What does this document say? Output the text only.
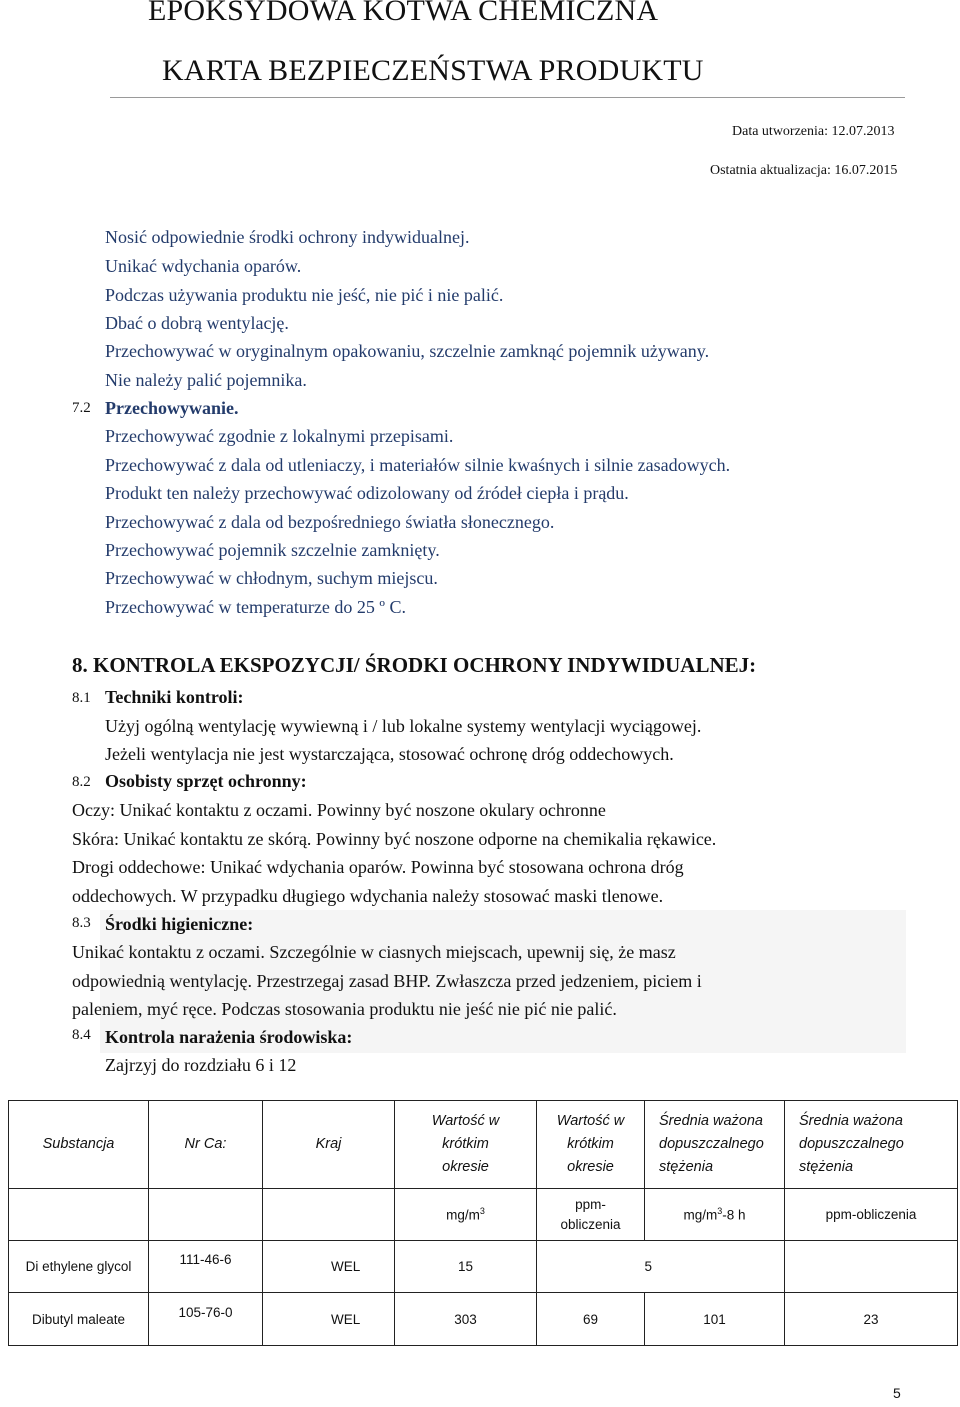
EPOKSYDOWA KOTWA CHEMICZNA
KARTA BEZPIECZEŃSTWA PRODUKTU
Data utworzenia: 12.07.2013
Ostatnia aktualizacja: 16.07.2015
Nosić odpowiednie środki ochrony indywidualnej.
Unikać wdychania oparów.
Podczas używania produktu nie jeść, nie pić i nie palić.
Dbać o dobrą wentylację.
Przechowywać w oryginalnym opakowaniu, szczelnie zamknąć pojemnik używany.
Nie należy palić pojemnika.
7.2 Przechowywanie.
Przechowywać zgodnie z lokalnymi przepisami.
Przechowywać z dala od utleniaczy, i materiałów silnie kwaśnych i silnie zasadowych.
Produkt ten należy przechowywać odizolowany od źródeł ciepła i prądu.
Przechowywać z dala od bezpośredniego światła słonecznego.
Przechowywać pojemnik szczelnie zamknięty.
Przechowywać w chłodnym, suchym miejscu.
Przechowywać w temperaturze do 25 º C.
8. KONTROLA EKSPOZYCJI/ ŚRODKI OCHRONY INDYWIDUALNEJ:
8.1 Techniki kontroli:
Użyj ogólną wentylację wywiewną i / lub lokalne systemy wentylacji wyciągowej.
Jeżeli wentylacja nie jest wystarczająca, stosować ochronę dróg oddechowych.
8.2 Osobisty sprzęt ochronny:
Oczy: Unikać kontaktu z oczami. Powinny być noszone okulary ochronne
Skóra: Unikać kontaktu ze skórą. Powinny być noszone odporne na chemikalia rękawice.
Drogi oddechowe: Unikać wdychania oparów. Powinna być stosowana ochrona dróg
oddechowych. W przypadku długiego wdychania należy stosować maski tlenowe.
8.3 Środki higieniczne:
Unikać kontaktu z oczami. Szczególnie w ciasnych miejscach, upewnij się, że masz
odpowiednią wentylację. Przestrzegaj zasad BHP. Zwłaszcza przed jedzeniem, piciem i
paleniem, myć ręce. Podczas stosowania produktu nie jeść nie pić nie palić.
8.4 Kontrola narażenia środowiska:
Zajrzyj do rozdziału 6 i 12
Substancja	Nr Ca:	Kraj	Wartość w krótkim okresie	Wartość w krótkim okresie	Średnia ważona dopuszczalnego stężenia	Średnia ważona dopuszczalnego stężenia
			$mg/m^3$	ppm-obliczenia	$mg/m^3-8$ h	ppm-obliczenia
Di ethylene glycol	111-46-6	WEL	15		5	
Dibutyl maleate	105-76-0	WEL	303	69	101	23
5
